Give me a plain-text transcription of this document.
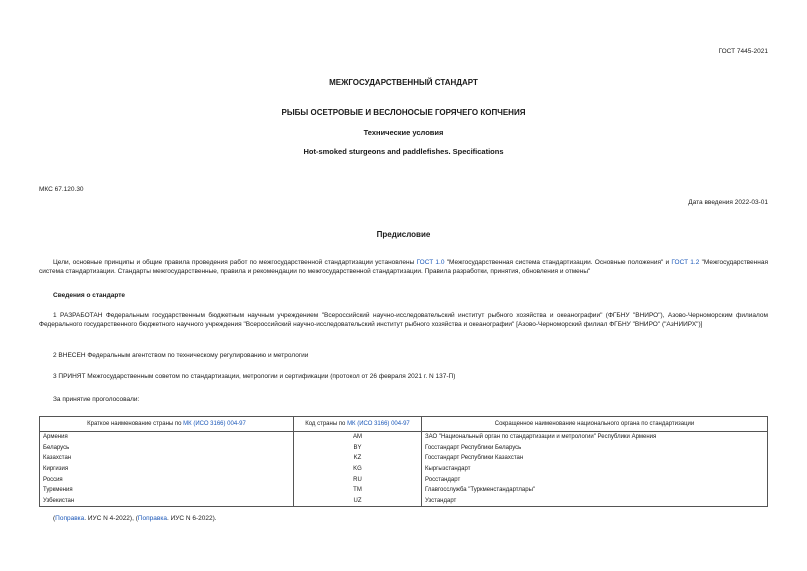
ГОСТ 7445-2021
МЕЖГОСУДАРСТВЕННЫЙ СТАНДАРТ
РЫБЫ ОСЕТРОВЫЕ И ВЕСЛОНОСЫЕ ГОРЯЧЕГО КОПЧЕНИЯ
Технические условия
Hot-smoked sturgeons and paddlefishes. Specifications
МКС 67.120.30
Дата введения 2022-03-01
Предисловие

Цели, основные принципы и общие правила проведения работ по межгосударственной стандартизации установлены ГОСТ 1.0 "Межгосударственная система стандартизации. Основные положения" и ГОСТ 1.2 "Межгосударственная система стандартизации. Стандарты межгосударственные, правила и рекомендации по межгосударственной стандартизации. Правила разработки, принятия, обновления и отмены"

Сведения о стандарте

1 РАЗРАБОТАН Федеральным государственным бюджетным научным учреждением "Всероссийский научно-исследовательский институт рыбного хозяйства и океанографии" (ФГБНУ "ВНИРО"), Азово-Черноморским филиалом Федерального государственного бюджетного научного учреждения "Всероссийский научно-исследовательский институт рыбного хозяйства и океанографии" [Азово-Черноморский филиал ФГБНУ "ВНИРО" ("АзНИИРХ")]

2 ВНЕСЕН Федеральным агентством по техническому регулированию и метрологии

3 ПРИНЯТ Межгосударственным советом по стандартизации, метрологии и сертификации (протокол от 26 февраля 2021 г. N 137-П)

За принятие проголосовали:

Краткое наименование страны по МК (ИСО 3166) 004-97	Код страны по МК (ИСО 3166) 004-97	Сокращенное наименование национального органа по стандартизации
Армения	AM	ЗАО "Национальный орган по стандартизации и метрологии" Республики Армения
Беларусь	BY	Госстандарт Республики Беларусь
Казахстан	KZ	Госстандарт Республики Казахстан
Киргизия	KG	Кыргызстандарт
Россия	RU	Росстандарт
Туркмения	TM	Главгосслужба "Туркменстандартлары"
Узбекистан	UZ	Узстандарт
(Поправка. ИУС N 4-2022), (Поправка. ИУС N 6-2022).
